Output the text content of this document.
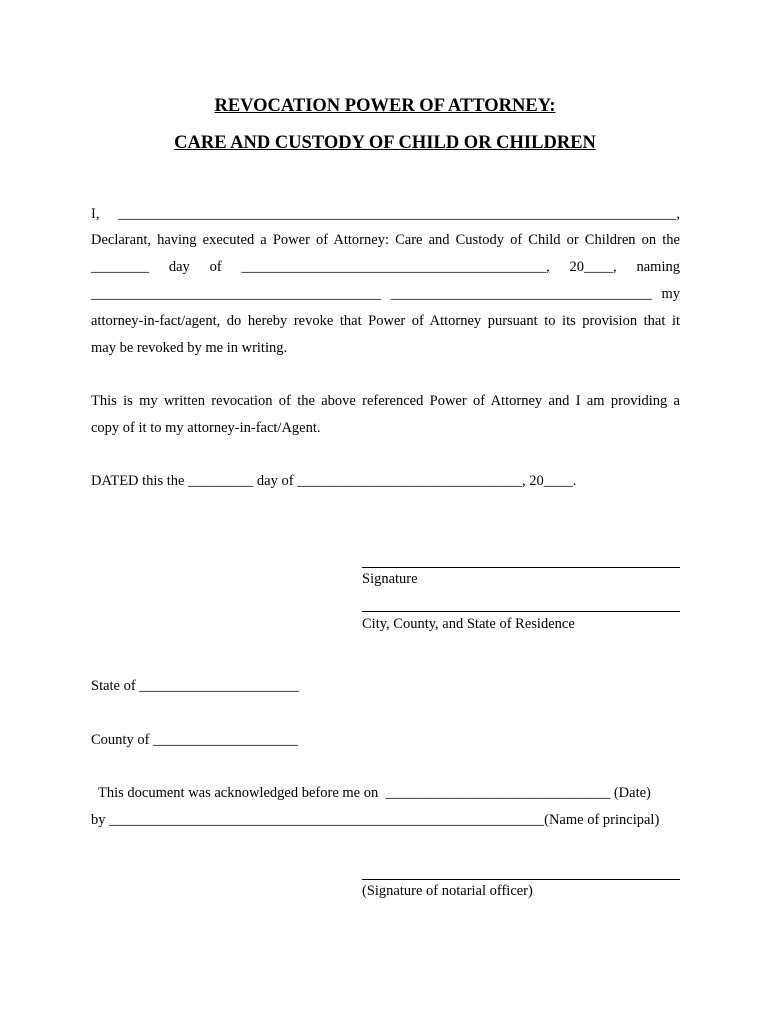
REVOCATION POWER OF ATTORNEY:
CARE AND CUSTODY OF CHILD OR CHILDREN
I, _____________________________________________________________________________,
Declarant, having executed a Power of Attorney: Care and Custody of Child or Children on the
________ day of __________________________________________, 20____, naming
________________________________________ ____________________________________ my
attorney-in-fact/agent, do hereby revoke that Power of Attorney pursuant to its provision that it
may be revoked by me in writing.
This is my written revocation of the above referenced Power of Attorney and I am providing a
copy of it to my attorney-in-fact/Agent.
DATED this the _________ day of _______________________________, 20____.
Signature
City, County, and State of Residence
State of ______________________
County of ____________________
This document was acknowledged before me on  _______________________________ (Date)
by ____________________________________________________________(Name of principal)
(Signature of notarial officer)
